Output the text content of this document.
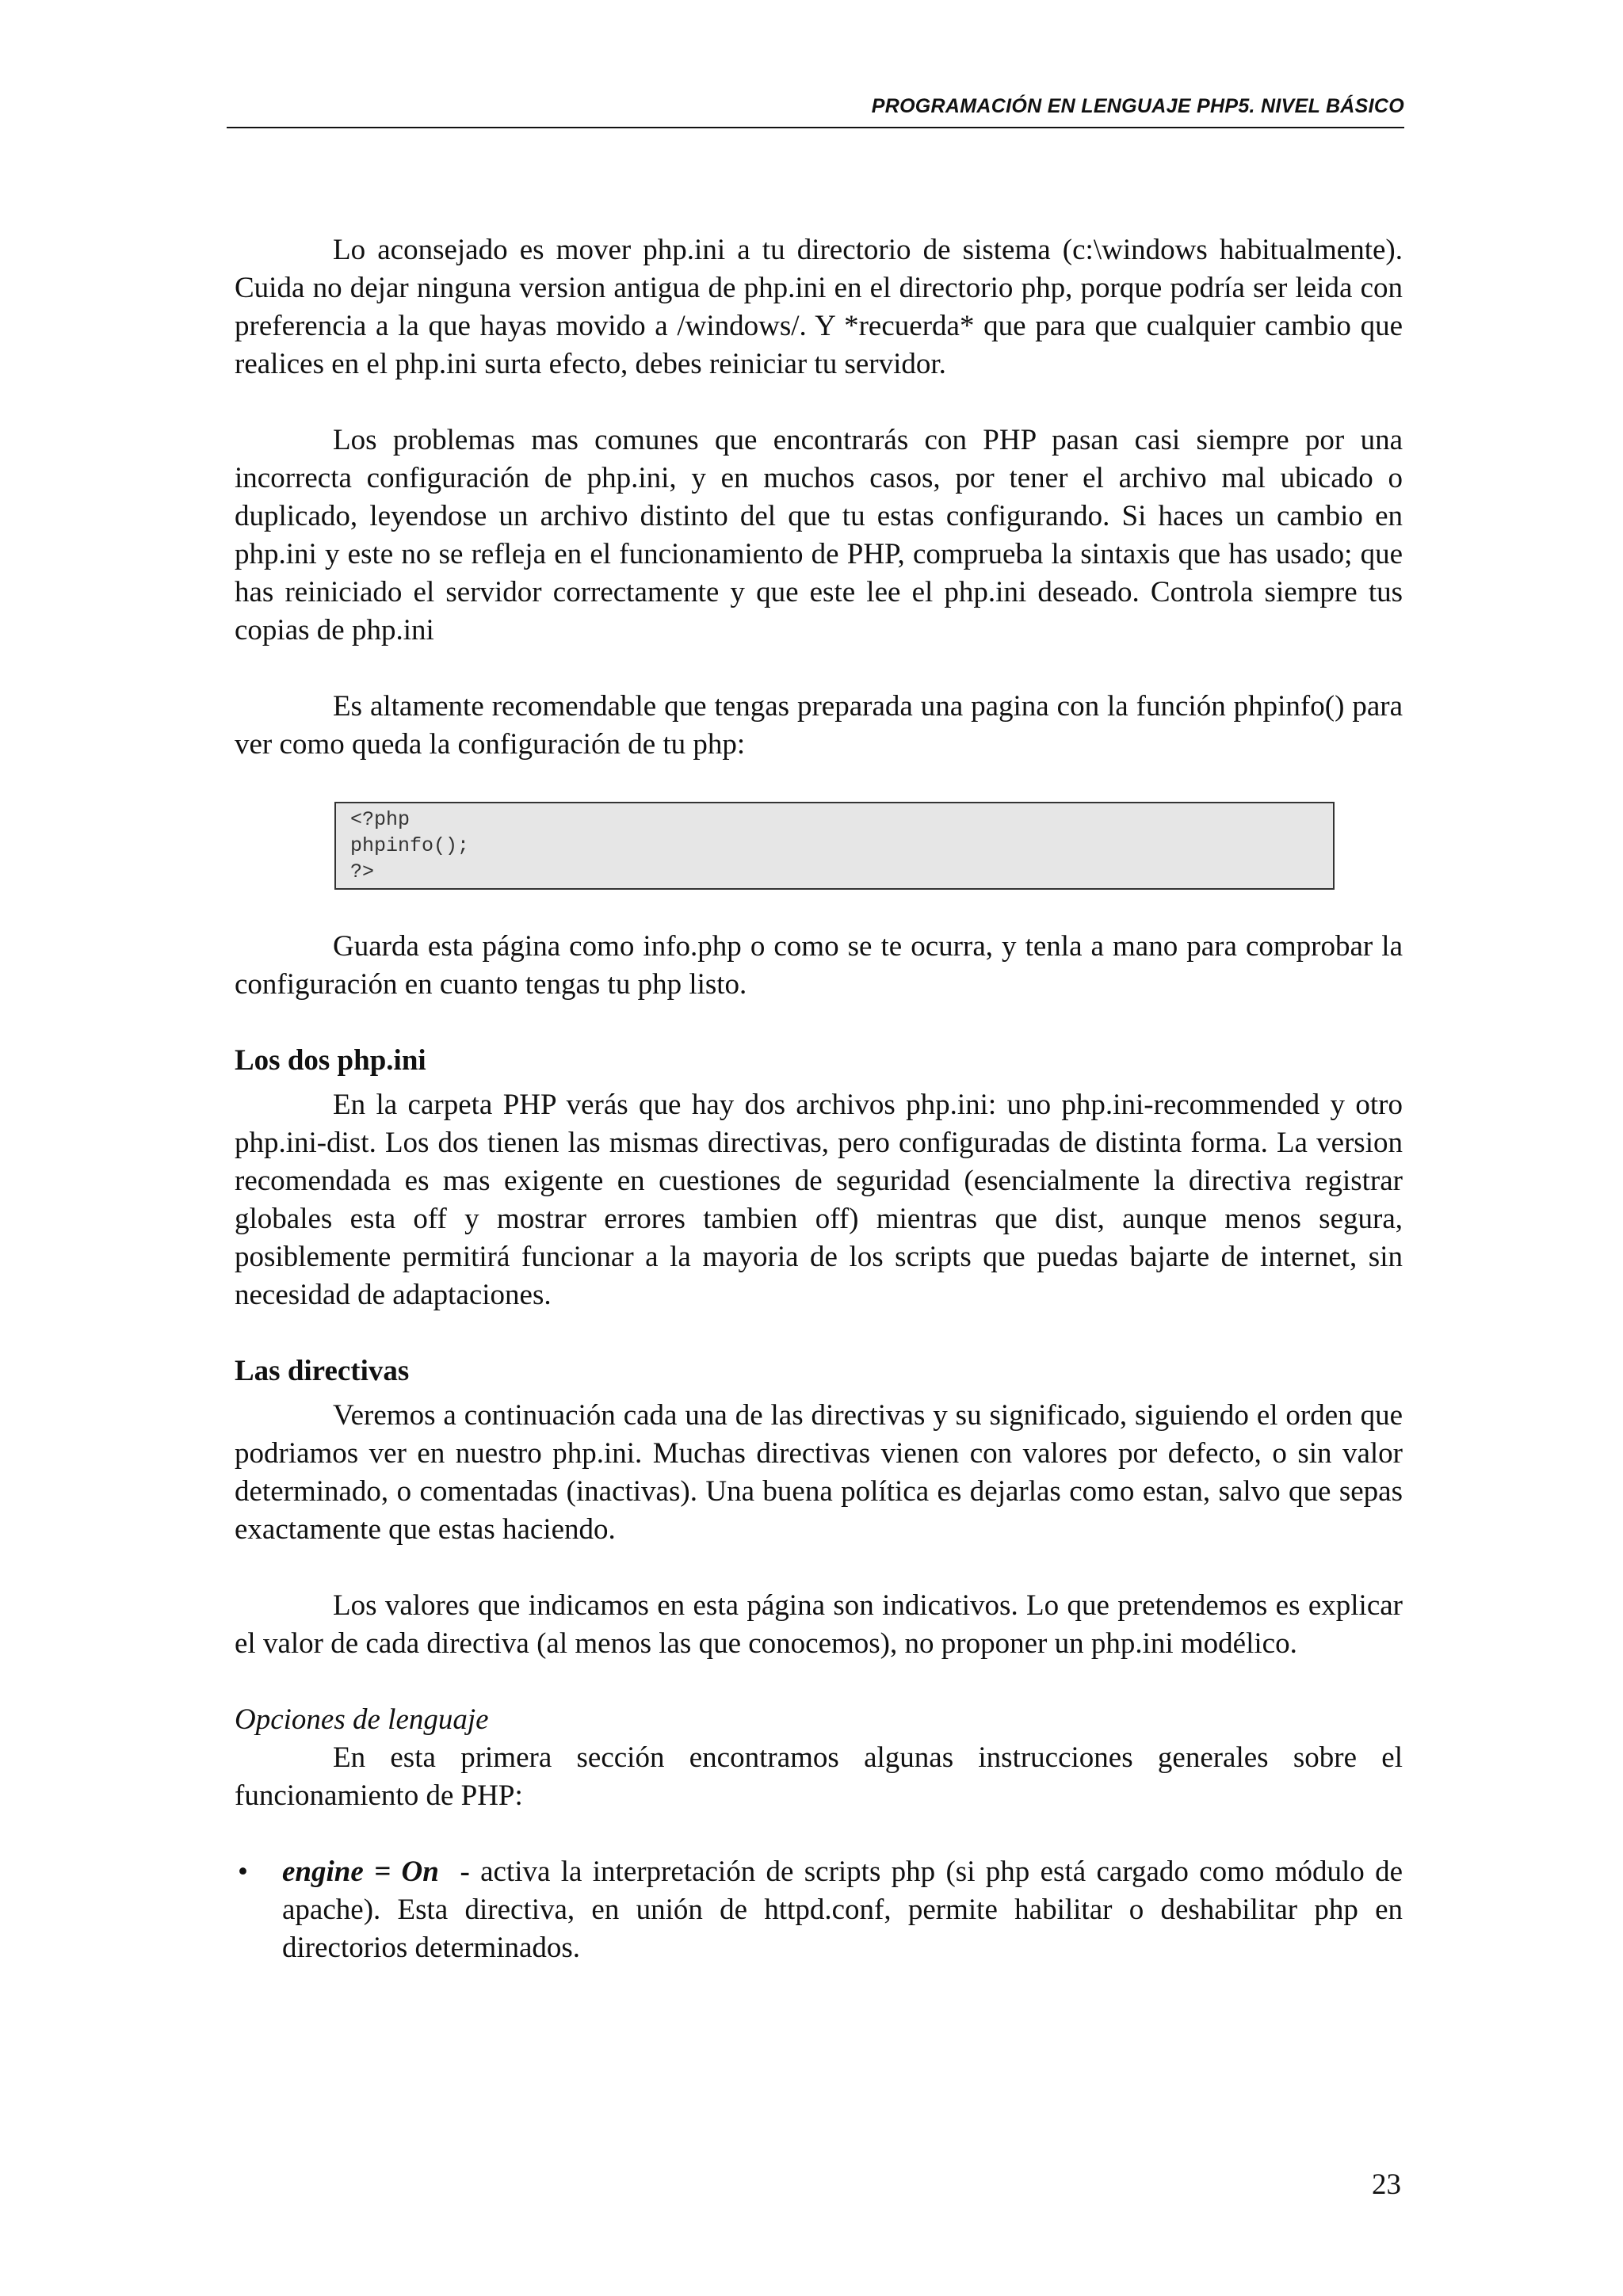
PROGRAMACIÓN EN LENGUAJE PHP5. NIVEL BÁSICO

Lo aconsejado es mover php.ini a tu directorio de sistema (c:\windows habitualmente). Cuida no dejar ninguna version antigua de php.ini en el directorio php, porque podría ser leida con preferencia a la que hayas movido a /windows/. Y *recuerda* que para que cualquier cambio que realices en el php.ini surta efecto, debes reiniciar tu servidor.

Los problemas mas comunes que encontrarás con PHP pasan casi siempre por una incorrecta configuración de php.ini, y en muchos casos, por tener el archivo mal ubicado o duplicado, leyendose un archivo distinto del que tu estas configurando. Si haces un cambio en php.ini y este no se refleja en el funcionamiento de PHP, comprueba la sintaxis que has usado; que has reiniciado el servidor correctamente y que este lee el php.ini deseado. Controla siempre tus copias de php.ini

Es altamente recomendable que tengas preparada una pagina con la función phpinfo() para ver como queda la configuración de tu php:

<?php
phpinfo();
?>

Guarda esta página como info.php o como se te ocurra, y tenla a mano para comprobar la configuración en cuanto tengas tu php listo.

Los dos php.ini

En la carpeta PHP verás que hay dos archivos php.ini: uno php.ini-recommended y otro php.ini-dist. Los dos tienen las mismas directivas, pero configuradas de distinta forma. La version recomendada es mas exigente en cuestiones de seguridad (esencialmente la directiva registrar globales esta off y mostrar errores tambien off) mientras que dist, aunque menos segura, posiblemente permitirá funcionar a la mayoria de los scripts que puedas bajarte de internet, sin necesidad de adaptaciones.

Las directivas

Veremos a continuación cada una de las directivas y su significado, siguiendo el orden que podriamos ver en nuestro php.ini. Muchas directivas vienen con valores por defecto, o sin valor determinado, o comentadas (inactivas). Una buena política es dejarlas como estan, salvo que sepas exactamente que estas haciendo.

Los valores que indicamos en esta página son indicativos. Lo que pretendemos es explicar el valor de cada directiva (al menos las que conocemos), no proponer un php.ini modélico.

Opciones de lenguaje

En esta primera sección encontramos algunas instrucciones generales sobre el funcionamiento de PHP:

• engine = On - activa la interpretación de scripts php (si php está cargado como módulo de apache). Esta directiva, en unión de httpd.conf, permite habilitar o deshabilitar php en directorios determinados.
23
